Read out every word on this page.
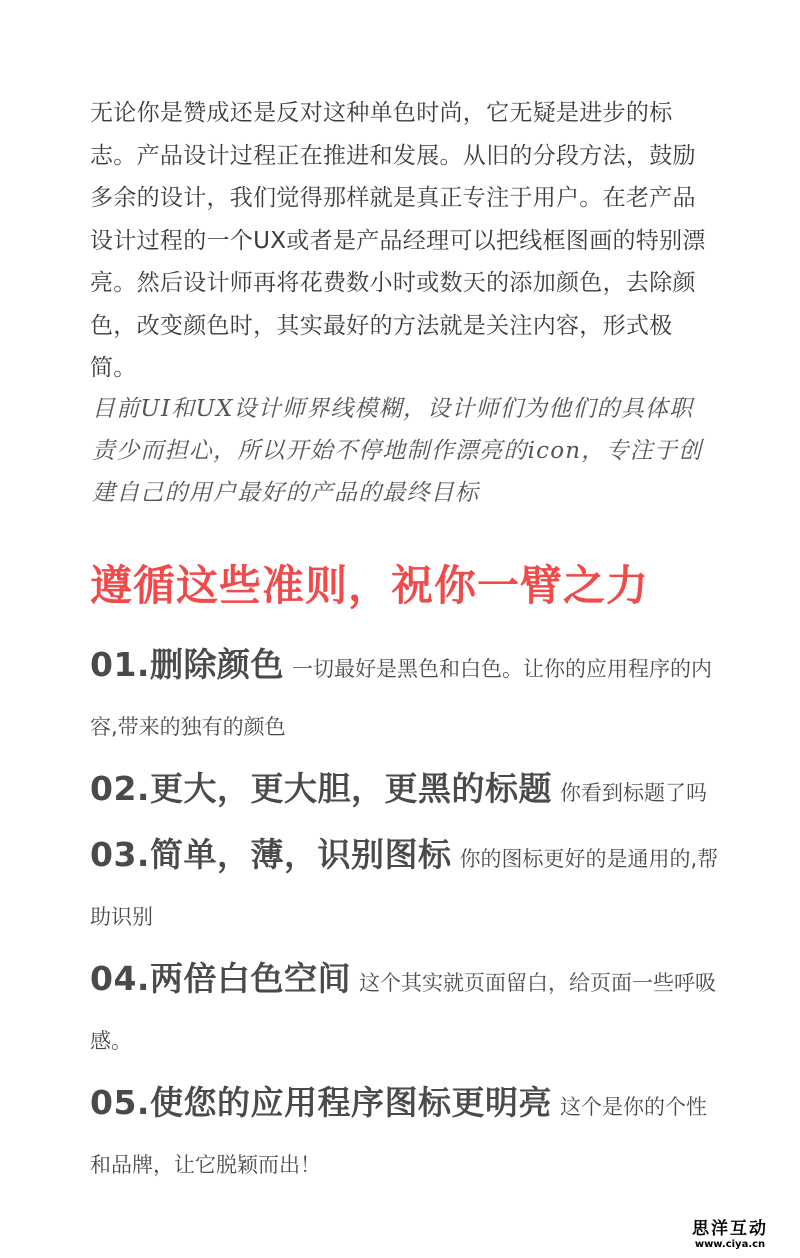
无论你是赞成还是反对这种单色时尚，它无疑是进步的标志。产品设计过程正在推进和发展。从旧的分段方法，鼓励多余的设计，我们觉得那样就是真正专注于用户。在老产品设计过程的一个UX或者是产品经理可以把线框图画的特别漂亮。然后设计师再将花费数小时或数天的添加颜色，去除颜色，改变颜色时，其实最好的方法就是关注内容，形式极简。

目前UI和UX设计师界线模糊，设计师们为他们的具体职责少而担心，所以开始不停地制作漂亮的icon，专注于创建自己的用户最好的产品的最终目标

遵循这些准则，祝你一臂之力
01.删除颜色 一切最好是黑色和白色。让你的应用程序的内容,带来的独有的颜色
02.更大，更大胆，更黑的标题 你看到标题了吗
03.简单，薄，识别图标 你的图标更好的是通用的,帮助识别
04.两倍白色空间 这个其实就页面留白，给页面一些呼吸感。
05.使您的应用程序图标更明亮 这个是你的个性和品牌，让它脱颖而出！
思洋互动
www.ciya.cn
